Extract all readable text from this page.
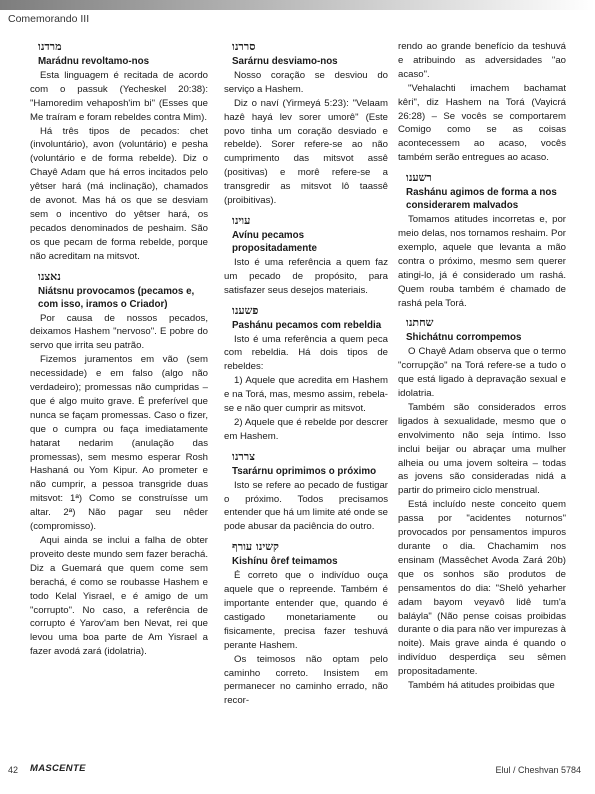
Comemorando III
מרדנו
Marádnu revoltamo-nos

Esta linguagem é recitada de acordo com o passuk (Yecheskel 20:38): "Hamoredim vehaposh'im bi" (Esses que Me traíram e foram rebeldes contra Mim).

Há três tipos de pecados: chet (involuntário), avon (voluntário) e pesha (voluntário e de forma rebelde). Diz o Chayê Adam que há erros incitados pelo yêtser hará (má inclinação), chamados de avonot. Mas há os que se desviam sem o incentivo do yêtser hará, os pecados denominados de peshaim. São os que pecam de forma rebelde, porque não acreditam na mitsvot.

נאצנו
Niátsnu provocamos (pecamos e, com isso, iramos o Criador)

Por causa de nossos pecados, deixamos Hashem "nervoso". E pobre do servo que irrita seu patrão.

Fizemos juramentos em vão (sem necessidade) e em falso (algo não verdadeiro); promessas não cumpridas – que é algo muito grave. É preferível que nunca se façam promessas. Caso o fizer, que o cumpra ou faça imediatamente hatarat nedarim (anulação das promessas), sem mesmo esperar Rosh Hashaná ou Yom Kipur. Ao prometer e não cumprir, a pessoa transgride duas mitsvot: 1ª) Como se construísse um altar. 2ª) Não pagar seu nêder (compromisso).

Aqui ainda se inclui a falha de obter proveito deste mundo sem fazer berachá. Diz a Guemará que quem come sem berachá, é como se roubasse Hashem e todo Kelal Yisrael, e é amigo de um "corrupto". No caso, a referência de corrupto é Yarov'am ben Nevat, rei que levou uma boa parte de Am Yisrael a fazer avodá zará (idolatria).

סררנו
Sarárnu desviamo-nos

Nosso coração se desviou do serviço a Hashem.

Diz o naví (Yirmeyá 5:23): "Velaam hazê hayá lev sorer umorê" (Este povo tinha um coração desviado e rebelde). Sorer refere-se ao não cumprimento das mitsvot assê (positivas) e morê refere-se a transgredir as mitsvot lô taassê (proibitivas).

עוינו
Avínu pecamos propositadamente

Isto é uma referência a quem faz um pecado de propósito, para satisfazer seus desejos materiais.

פשענו
Pashánu pecamos com rebeldia

Isto é uma referência a quem peca com rebeldia. Há dois tipos de rebeldes:

1) Aquele que acredita em Hashem e na Torá, mas, mesmo assim, rebela-se e não quer cumprir as mitsvot.

2) Aquele que é rebelde por descrer em Hashem.

צררנו
Tsarárnu oprimimos o próximo

Isto se refere ao pecado de fustigar o próximo. Todos precisamos entender que há um limite até onde se pode abusar da paciência do outro.

קשינו עורף
Kishínu ôref teimamos

É correto que o indivíduo ouça aquele que o repreende. Também é importante entender que, quando é castigado monetariamente ou fisicamente, precisa fazer teshuvá perante Hashem.

Os teimosos não optam pelo caminho correto. Insistem em permanecer no caminho errado, não recor-

rendo ao grande benefício da teshuvá e atribuindo as adversidades "ao acaso".

"Vehalachti imachem bachamat kêri", diz Hashem na Torá (Vayicrá 26:28) – Se vocês se comportarem Comigo como se as coisas acontecessem ao acaso, vocês também serão entregues ao acaso.

רשענו
Rashánu agimos de forma a nos considerarem malvados

Tomamos atitudes incorretas e, por meio delas, nos tornamos reshaim. Por exemplo, aquele que levanta a mão contra o próximo, mesmo sem querer atingi-lo, já é considerado um rashá. Quem rouba também é chamado de rashá pela Torá.

שחתנו
Shichátnu corrompemos

O Chayê Adam observa que o termo "corrupção" na Torá refere-se a tudo o que está ligado à depravação sexual e idolatria.

Também são considerados erros ligados à sexualidade, mesmo que o envolvimento não seja íntimo. Isso inclui beijar ou abraçar uma mulher alheia ou uma jovem solteira – todas as jovens são consideradas nidá a partir do primeiro ciclo menstrual.

Está incluído neste conceito quem passa por "acidentes noturnos" provocados por pensamentos impuros durante o dia. Chachamim nos ensinam (Massêchet Avoda Zará 20b) que os sonhos são produtos de pensamentos do dia: "Shelô yeharher adam bayom veyavô lidê tum'a baláyla" (Não pense coisas proibidas durante o dia para não ver impurezas à noite). Mais grave ainda é quando o indivíduo desperdiça seu sêmen propositadamente.

Também há atitudes proibidas que

42 MASCENTE	Elul / Cheshvan 5784
